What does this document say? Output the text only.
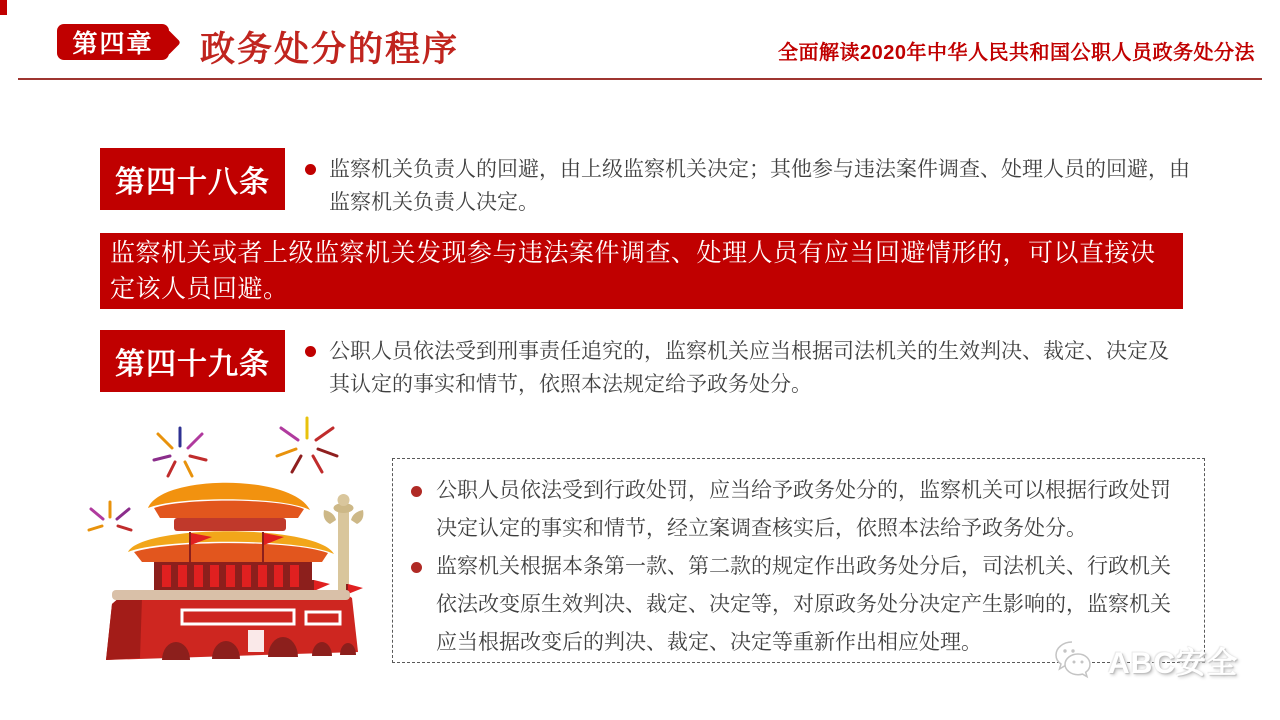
第四章 政务处分的程序	全面解读2020年中华人民共和国公职人员政务处分法
第四十八条	监察机关负责人的回避，由上级监察机关决定；其他参与违法案件调查、处理人员的回避，由监察机关负责人决定。

监察机关或者上级监察机关发现参与违法案件调查、处理人员有应当回避情形的，可以直接决定该人员回避。
第四十九条	公职人员依法受到刑事责任追究的，监察机关应当根据司法机关的生效判决、裁定、决定及其认定的事实和情节，依照本法规定给予政务处分。

公职人员依法受到行政处罚，应当给予政务处分的，监察机关可以根据行政处罚决定认定的事实和情节，经立案调查核实后，依照本法给予政务处分。

监察机关根据本条第一款、第二款的规定作出政务处分后，司法机关、行政机关依法改变原生效判决、裁定、决定等，对原政务处分决定产生影响的，监察机关应当根据改变后的判决、裁定、决定等重新作出相应处理。

ABC安全
